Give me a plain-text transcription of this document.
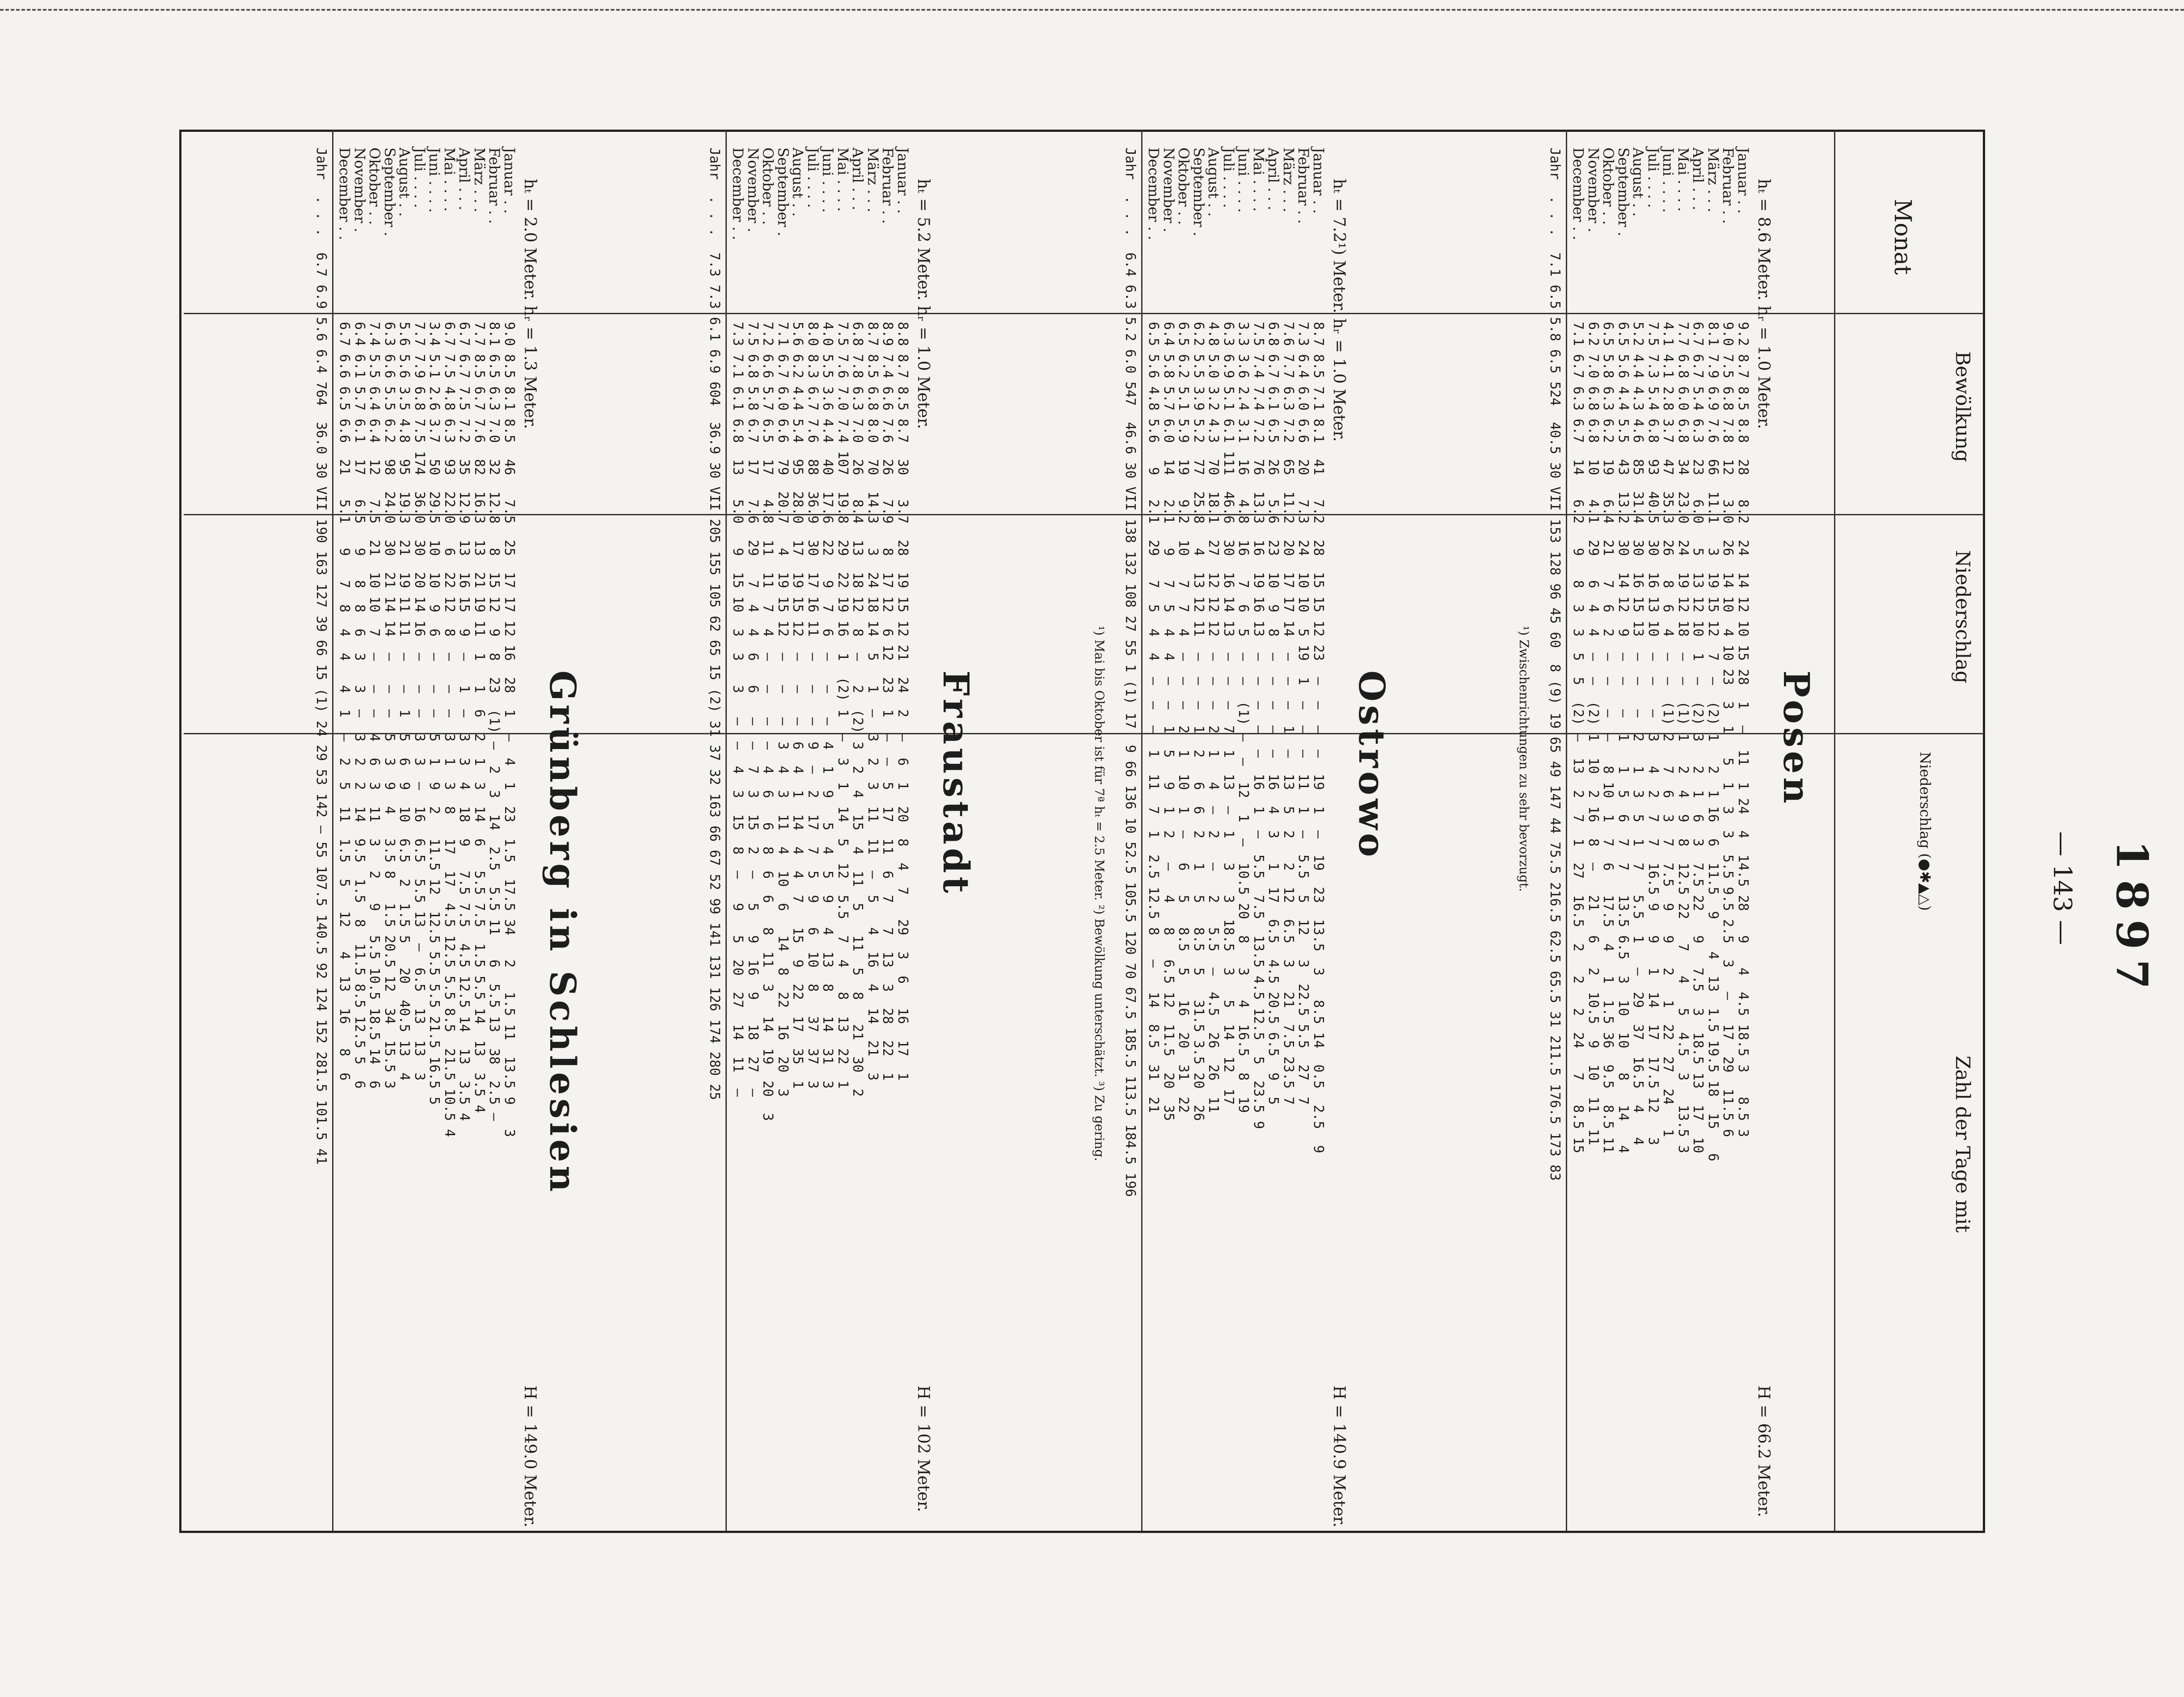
1897
— 143 —
Monat
Bewölkung
Niederschlag
Zahl der Tage mit
Niederschlag (●✱▲△)
Posen
hₜ = 8.6 Meter. hᵣ = 1.0 Meter.
H = 66.2 Meter.
¹) Zwischenrichtungen zu sehr bevorzugt.
Januar . .
Februar . .
März . . .
April . . .
Mai . . . .
Juni . . . .
Juli . . . .
August . .
September .
Oktober . .
November .
December . .
9.2 8.7 8.5 8.8  28   8.2  24  14 12 10 15 28  1  —  11  1 24  4  14.5 28   9   4  4.5 18.5 3   8.5 3
9.0 7.5 6.8 7.8  12   3.0  26  14 10  4 10 23  3  1   5  1  3  3  5.5 9.5 2.5  3   —   17  29  11.5 6
8.1 7.9 6.9 7.6  66  11.1   3  19 15 12  7  —  (2) 1   2  1 16  6  11.5  9    4  13  1.5 19.5 18  15   6
6.7 6.7 5.4 6.3  23   6.0   5  13 12 10  1  —  (2) 3   2  1  6  3  7.5 22   9   7.5  3  18.5 13  17  10
7.7 6.8 6.0 6.8  34  23.0  24  19 12 18  —  —  (1) 1   2  4  9  8  12.5 22   7   4   5  4.5  3   13.5 3
4.1 4.1 2.8 3.7  47  35.3  26   8  6  4  —  —  (1) 2   7  6  3  7  7.5  9   9   2   1  22  27  24   1
7.5 7.3 5.4 6.8  93  40.5  30  16 13 10  —  —   —  3   4  2  7  7  16.5 9   9   1  14  17  17.5 12   3
5.2 4.4 4.3 4.6  85  31.4  30  16 15 13  —  —   —  2   1  3  5  1  7   5.5  1   —  29  37  16.5  4   4
6.5 5.6 4.4 5.5  43  13.2  30  14 12  9  —  —   —  1   1  5  6  7  7   13.5 6.5  3  10  10   8   14   4
6.5 5.8 6.3 6.2  19   6.4  21   7  6  2  —  —   —  —   8 10  1  7  6   17.5  4   1  1.5 36  9.5  8.5 11
6.2 7.0 6.8 6.8  10   4.1  29   6  4  4  —  —  (2) 1  10  2 16  8  —   21   6   2  10.5  9  10  11  11
7.1 6.7 6.3 6.7  14   6.2   9   8  3  3  5  5  (2) —  13  2  7  1  27  16.5  2   2   2  24   7   8.5 15
Jahr  . . .  7.1 6.5 5.8 6.5 524  40.5 30 VII 153 128 96 45 60  8 (9) 19 65 49 147 44 75.5 216.5 62.5 65.5 31 211.5 176.5 173 83
Ostrowo
hₜ = 7.2¹) Meter. hᵣ = 1.0 Meter.
H = 140.9 Meter.
¹) Mai bis Oktober ist für 7ª hₜ = 2.5 Meter. ²) Bewölkung unterschätzt. ³) Zu gering.
Januar . .
Februar . .
März . . .
April . . .
Mai . . . .
Juni . . . .
Juli . . . .
August . .
September .
Oktober . .
November .
December . .
8.7 8.5 7.1 8.1  41   7.2  28  15 15 12 23  —  —  —  —  19  1  —  19  23  13.5  3   8.5 14  0.5  2.5  9
7.3 6.4 6.0 6.6  20   7.3  24  10 10  5 19  1  —  —  —  11  1  —  5.5  5  12   3  22.5 5.5  27  7
7.6 7.7 6.3 7.2  65  11.2  20  17 17 14  —  —  —  1  —  13  5  2   2  12  6.5  3   21  7.5 23.5 7
6.8 6.7 6.1 6.5  26   5.6  23  10  9  8  —  —  —  —  —  16  4  3   1  17  6.5  4.5 20.5 6.5  9  5
7.5 7.4 7.4 7.2  76  13.3  16  19 16 13  —  —  —  —  —  16  1  —  5.5  7.5  13.5 4.5 12.5  5  23.5 9
3.3 3.6 2.4 3.1  16   4.8  16   7  6  5  —  —  (1) —  —  12  1  —  10.5 20  8   3   4  16.5  8  19
6.3 6.9 5.1 6.1 111  46.6  30  16 14 13  —  —  —  7  1  13  —  1   3   3  18.5  3   5  14  12  17
4.8 5.0 3.2 4.3  70  18.1  27  12 12 12  —  —  —  2  1   4  —  2   —   2   5.5  —  4.5  26  26  11
6.2 5.5 3.9 5.2  77  25.8   4  13 12 11  —  —  —  1  2   6  6  2   1   5   8.5  5   31.5 3.5 20  26
6.5 6.2 5.1 5.9  19   9.2  10   7  7  4  —  —  —  2  1  10  1  —   6   5   8.5  5   16  20  31  22
6.4 5.8 5.7 6.0  14   2.1   9   7  5  4  4  —  —  1  5   9  1  2   —   4   8   6.5 12  11.5  20  35
6.5 5.6 4.8 5.6   9   2.1  29   7  5  4  4  —  —  —  1  11  7  1  2.5 12.5 8   —   14  8.5  31  21
Jahr  . . .  6.4 6.3 5.2 6.0 547  46.6 30 VII 138 132 108 27 55 1 (1) 17  9 66 136 10 52.5 105.5 120 70 67.5 185.5 113.5 184.5 196
Fraustadt
hₜ = 5.2 Meter. hᵣ = 1.0 Meter.
H = 102 Meter.
Januar . .
Februar . .
März . . .
April . . .
Mai . . . .
Juni . . . .
Juli . . . .
August . .
September .
Oktober . .
November .
December . .
8.8 8.7 8.5 8.7  30   3.7  28  19 15 12 21  24  2  —  6  1  20  8  4  7   29  3  6   16  17  1
8.9 7.4 6.6 7.6  26   7.9   8  17 12  6 12  23  1  —  —  5  17  11  6  7   7  13  3  28  22  1
8.7 8.5 6.8 8.0  70  14.3   3  24 18 14  5   1  —  3  2  3  11  11  —  5   4  16  4  14  21  3
6.8 7.8 6.3 7.0  26   8.4  13  18 12  8  —   2  (2) 3  2  4  15  4  11  5   11  5  8   21  30  2
7.5 7.6 7.0 7.4 107  19.8  29  22 19 16  1  (2) 1  —  3  1  14  5  12  5.5  7  4   8  13  22  1
4.0 5.5 3.6 4.4  40  17.6  22   9  7  6  —   —   —  4  1  9   5  4  5  9   4  13  8   14  31  3
8.0 8.3 6.7 7.6  88  36.9  30  17 16 11  —   —   —  9  —  2  17  7  5  9   6  10  8   37  37  3
5.6 6.2 4.4 5.4  95  28.0  17  19 15 12  —   —   —  6  4  1  14  4  4  7   15  9  22  17  35  1
7.1 6.7 6.0 6.6  79  20.7   4  19 15 12  —   —   —  3  4  3  11  4  10  6   14  8  22  16  20  3
7.2 6.6 5.7 6.5  17   4.8  11  11  7  4  —   —   —  —  4  6   6  8  6  6   8  11  3   14  19  20  3
7.5 6.8 5.8 6.7  17   7.6  29   7  4  4  6   6   —  —  7  3  15  2  —   5   9  16  9   18  27  —
7.3 7.1 6.1 6.8  13   5.0   9  15 10  3  3   3   —  —  4  3  15  8  —   9   5  20  27  14  11  —
Jahr  . . .  7.3 7.3 6.1 6.9 604  36.9 30 VII 205 155 105 62 65 15 (2) 31 37 32 163 66 67 52 99 141 131 126 174 280 25
Grünberg in Schlesien
hₜ = 2.0 Meter. hᵣ = 1.3 Meter.
H = 149.0 Meter.
Januar . .
Februar . .
März . . .
April . . .
Mai . . . .
Juni . . . .
Juli . . . .
August . .
September .
Oktober . .
November .
December . .
9.0 8.5 8.1 8.5  46   7.5  25  17 17 12 16  28  1  —  4  1  23  1.5  17.5 34   2   1.5 11  13.5 9   3
8.1 6.5 6.3 7.0  32  12.8   8  15 12  9  8  23  (1) —  2  3  14  2.5  5.5 11   6  5.5 13  38  2.5 —
7.7 8.5 6.7 7.6  82  16.3  13  21 19 11  1   1  6  2  1  3  14  6   5.5 7.5  1.5 5.5 14  13  3.5 4
6.7 6.7 7.5 7.2  35  12.9  13  16 15  9  —   1  —  3  3  4  18  9   7.5 7.5  4.5 12.5 14  13  3.5 4
6.7 7.5 4.8 6.3  93  22.0   6  22 12  8  —   —  —  3  1  3  8   17  17  4.5 12.5 5.5 8.5  21.5 10.5 4
3.4 5.1 2.6 3.7  50  29.5  10  10  9  6  —   —  —  5  1  9  2   11.5 12  12.5 5.5 5.5 21.5 16.5 5
7.7 7.9 6.8 7.5 174  36.0  30  20 14 16  —   —  —  3  3  —  16  6.5  5.5 13  —  6.5  13  13  3
5.6 5.6 3.5 4.8  95  19.3  21  19 11 11  —   —  1  5  6  9  10  6.5  2  1.5 5   20  40.5 13  4
6.3 6.6 5.5 6.2  98  24.0  30  21 14 14  —   —  —  5  3  9  4   3.5 8   1.5 20.5 12  34  15.5 3
7.4 5.5 6.4 6.4  12   7.5  21  10 10  7  —   —  —  4  6  3  11  3   2   9   5.5 10.5 18.5 14  6
6.4 6.1 5.7 6.1  17   6.5   9   8  8  6  3   3  —  3  2  2  14  9.5  1.5  8  11.5 8.5 12.5 5  6
6.7 6.6 6.5 6.6  21   5.1   9   7  8  4  4   4  1  —  2  5  11  1.5  5   12   4  13  16   8  6
Jahr  . . .  6.7 6.9 5.6 6.4 764  36.0 30 VII 190 163 127 39 66 15 (1) 24 29 53 142 — 55 107.5 140.5 92 124 152 281.5 101.5 41
